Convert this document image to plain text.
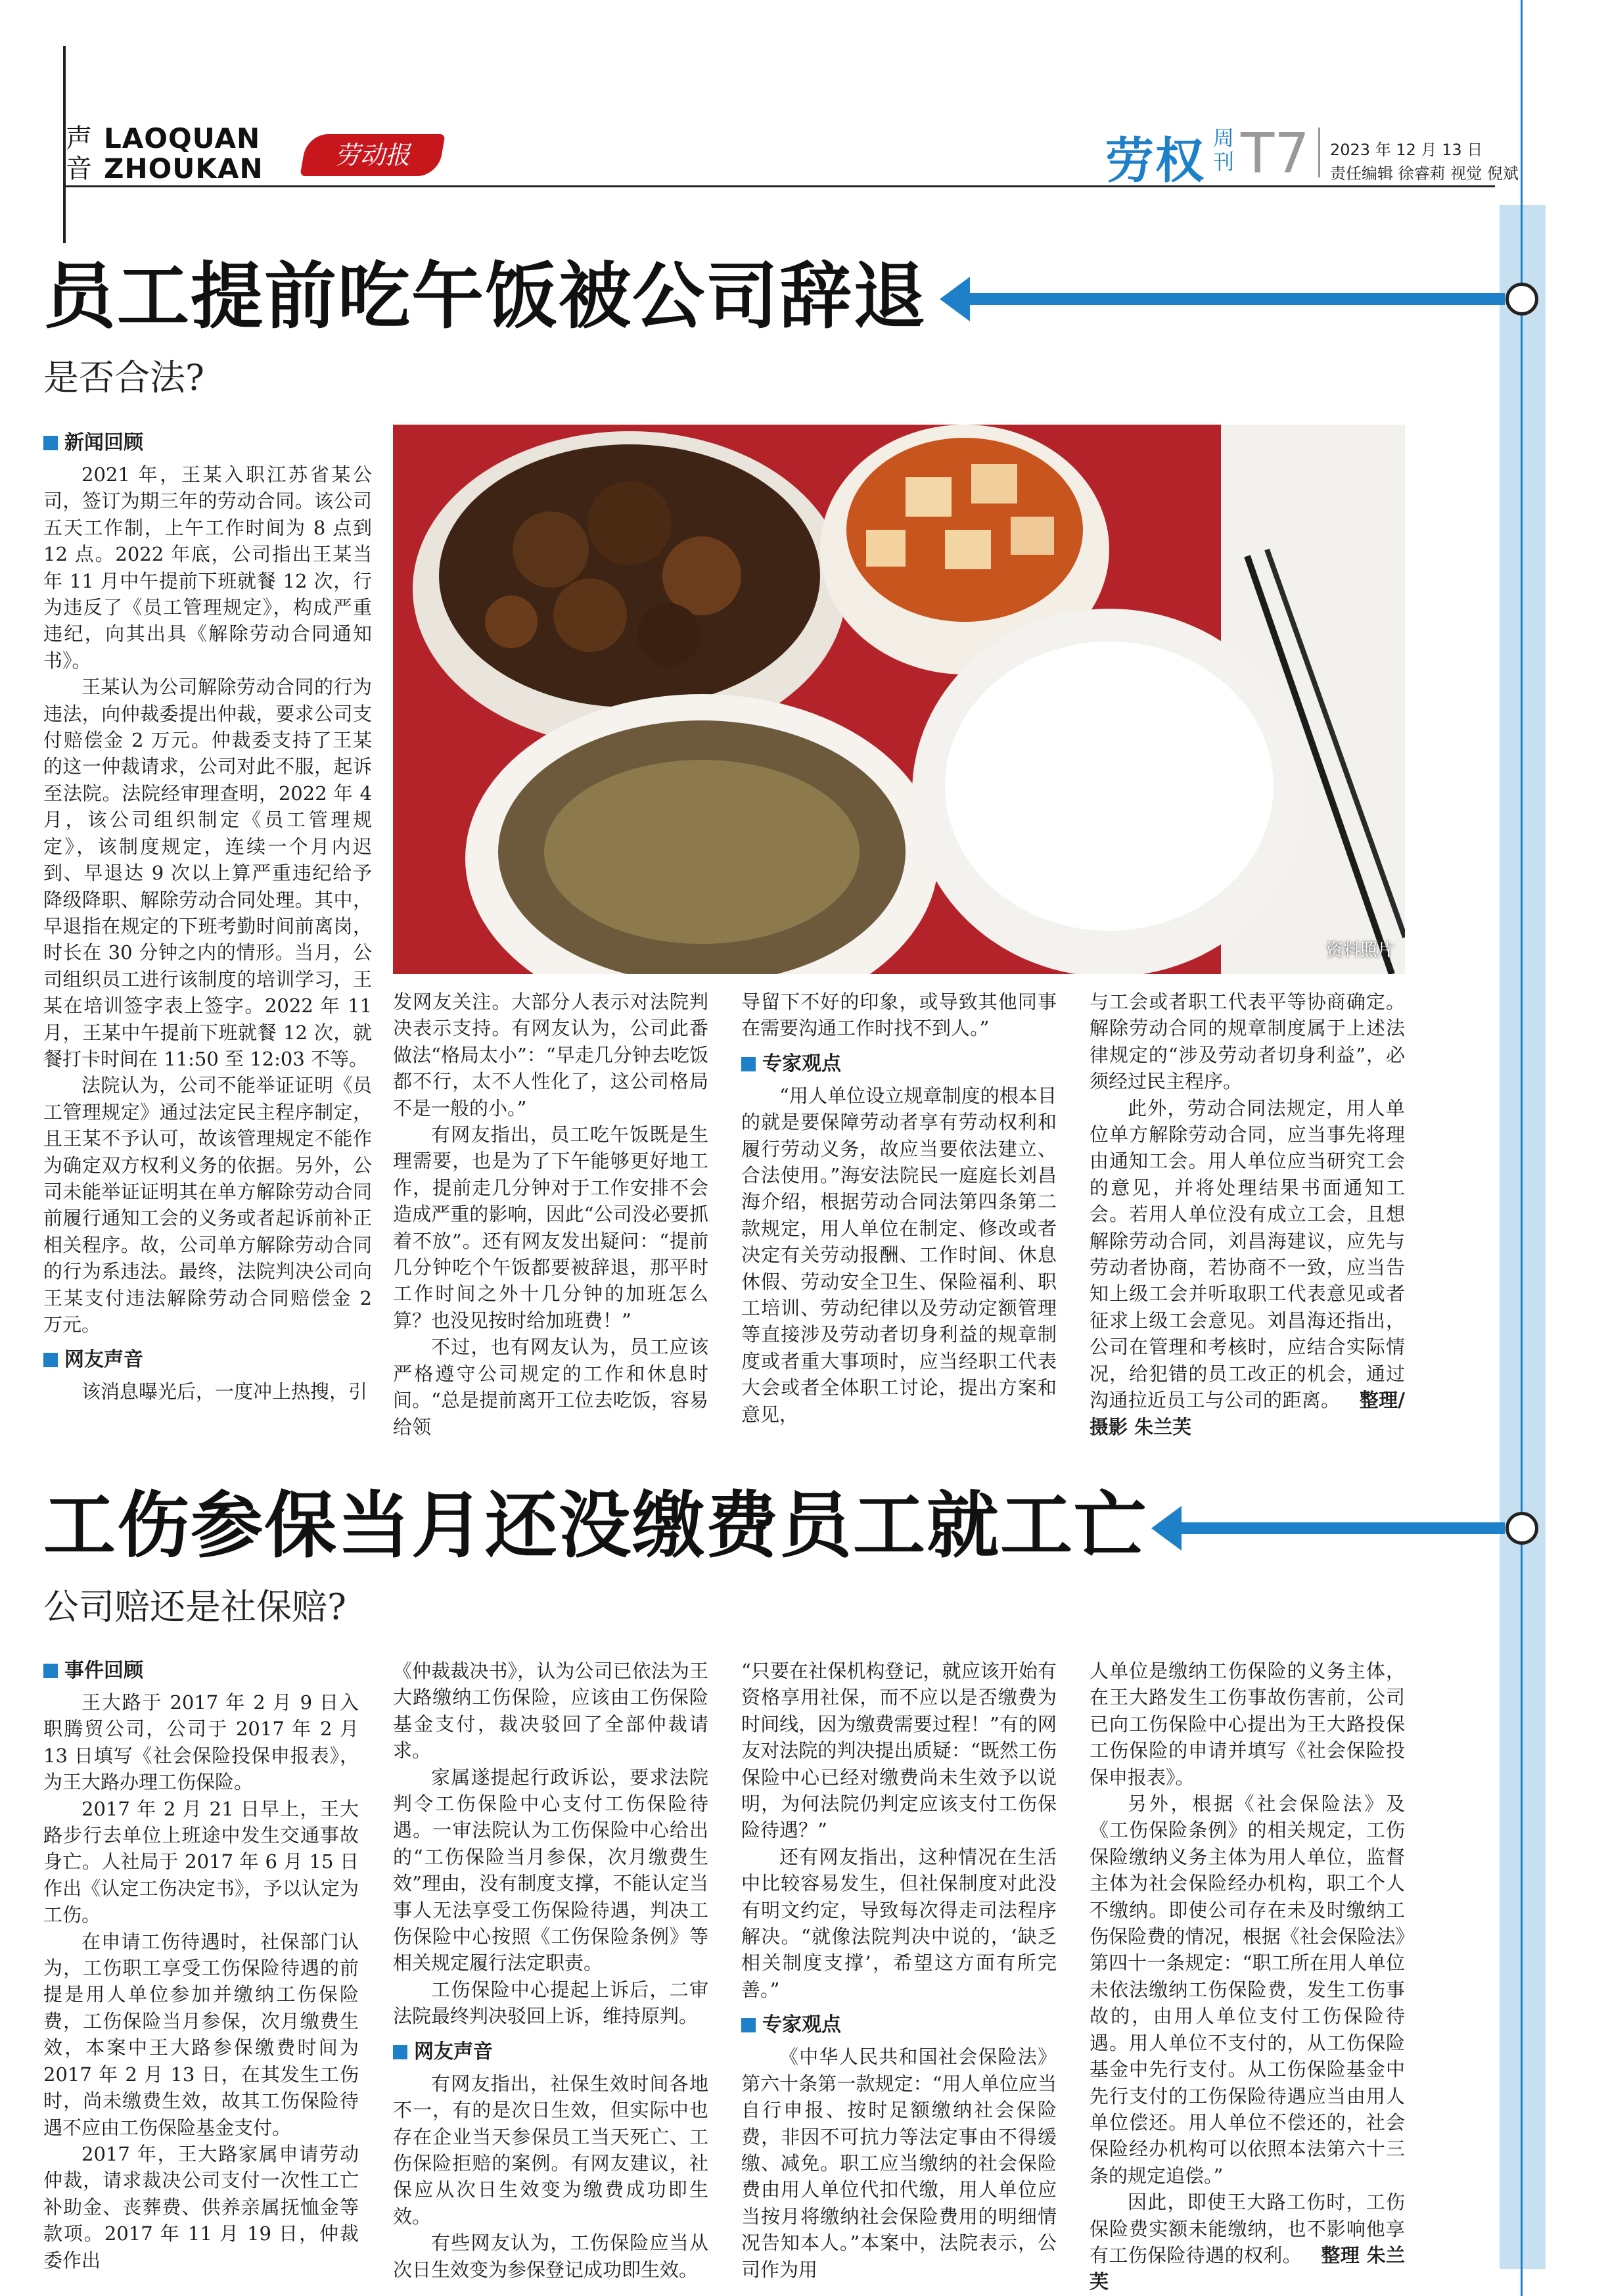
声音
LAOQUAN
ZHOUKAN	劳动报	劳权 周刊 T7 2023 年 12 月 13 日
责任编辑 徐睿莉 视觉 倪斌
员工提前吃午饭被公司辞退
是否合法?
资料照片
新闻回顾

2021 年，王某入职江苏省某公司，签订为期三年的劳动合同。该公司五天工作制，上午工作时间为 8 点到 12 点。2022 年底，公司指出王某当年 11 月中午提前下班就餐 12 次，行为违反了《员工管理规定》，构成严重违纪，向其出具《解除劳动合同通知书》。

王某认为公司解除劳动合同的行为违法，向仲裁委提出仲裁，要求公司支付赔偿金 2 万元。仲裁委支持了王某的这一仲裁请求，公司对此不服，起诉至法院。法院经审理查明，2022 年 4 月，该公司组织制定《员工管理规定》，该制度规定，连续一个月内迟到、早退达 9 次以上算严重违纪给予降级降职、解除劳动合同处理。其中，早退指在规定的下班考勤时间前离岗，时长在 30 分钟之内的情形。当月，公司组织员工进行该制度的培训学习，王某在培训签字表上签字。2022 年 11 月，王某中午提前下班就餐 12 次，就餐打卡时间在 11:50 至 12:03 不等。

法院认为，公司不能举证证明《员工管理规定》通过法定民主程序制定，且王某不予认可，故该管理规定不能作为确定双方权利义务的依据。另外，公司未能举证证明其在单方解除劳动合同前履行通知工会的义务或者起诉前补正相关程序。故，公司单方解除劳动合同的行为系违法。最终，法院判决公司向王某支付违法解除劳动合同赔偿金 2 万元。

网友声音

该消息曝光后，一度冲上热搜，引

发网友关注。大部分人表示对法院判决表示支持。有网友认为，公司此番做法“格局太小”：“早走几分钟去吃饭都不行，太不人性化了，这公司格局不是一般的小。”

有网友指出，员工吃午饭既是生理需要，也是为了下午能够更好地工作，提前走几分钟对于工作安排不会造成严重的影响，因此“公司没必要抓着不放”。还有网友发出疑问：“提前几分钟吃个午饭都要被辞退，那平时工作时间之外十几分钟的加班怎么算？也没见按时给加班费！”

不过，也有网友认为，员工应该严格遵守公司规定的工作和休息时间。“总是提前离开工位去吃饭，容易给领

导留下不好的印象，或导致其他同事在需要沟通工作时找不到人。”

专家观点

“用人单位设立规章制度的根本目的就是要保障劳动者享有劳动权利和履行劳动义务，故应当要依法建立、合法使用。”海安法院民一庭庭长刘昌海介绍，根据劳动合同法第四条第二款规定，用人单位在制定、修改或者决定有关劳动报酬、工作时间、休息休假、劳动安全卫生、保险福利、职工培训、劳动纪律以及劳动定额管理等直接涉及劳动者切身利益的规章制度或者重大事项时，应当经职工代表大会或者全体职工讨论，提出方案和意见，

与工会或者职工代表平等协商确定。解除劳动合同的规章制度属于上述法律规定的“涉及劳动者切身利益”，必须经过民主程序。

此外，劳动合同法规定，用人单位单方解除劳动合同，应当事先将理由通知工会。用人单位应当研究工会的意见，并将处理结果书面通知工会。若用人单位没有成立工会，且想解除劳动合同，刘昌海建议，应先与劳动者协商，若协商不一致，应当告知上级工会并听取职工代表意见或者征求上级工会意见。刘昌海还指出，公司在管理和考核时，应结合实际情况，给犯错的员工改正的机会，通过沟通拉近员工与公司的距离。  整理/摄影 朱兰芙

工伤参保当月还没缴费员工就工亡
公司赔还是社保赔?
事件回顾

王大路于 2017 年 2 月 9 日入职腾贸公司，公司于 2017 年 2 月 13 日填写《社会保险投保申报表》，为王大路办理工伤保险。

2017 年 2 月 21 日早上，王大路步行去单位上班途中发生交通事故身亡。人社局于 2017 年 6 月 15 日作出《认定工伤决定书》，予以认定为工伤。

在申请工伤待遇时，社保部门认为，工伤职工享受工伤保险待遇的前提是用人单位参加并缴纳工伤保险费，工伤保险当月参保，次月缴费生效，本案中王大路参保缴费时间为 2017 年 2 月 13 日，在其发生工伤时，尚未缴费生效，故其工伤保险待遇不应由工伤保险基金支付。

2017 年，王大路家属申请劳动仲裁，请求裁决公司支付一次性工亡补助金、丧葬费、供养亲属抚恤金等款项。2017 年 11 月 19 日，仲裁委作出

《仲裁裁决书》，认为公司已依法为王大路缴纳工伤保险，应该由工伤保险基金支付，裁决驳回了全部仲裁请求。

家属遂提起行政诉讼，要求法院判令工伤保险中心支付工伤保险待遇。一审法院认为工伤保险中心给出的“工伤保险当月参保，次月缴费生效”理由，没有制度支撑，不能认定当事人无法享受工伤保险待遇，判决工伤保险中心按照《工伤保险条例》等相关规定履行法定职责。

工伤保险中心提起上诉后，二审法院最终判决驳回上诉，维持原判。

网友声音

有网友指出，社保生效时间各地不一，有的是次日生效，但实际中也存在企业当天参保员工当天死亡、工伤保险拒赔的案例。有网友建议，社保应从次日生效变为缴费成功即生效。

有些网友认为，工伤保险应当从次日生效变为参保登记成功即生效。

“只要在社保机构登记，就应该开始有资格享用社保，而不应以是否缴费为时间线，因为缴费需要过程！”有的网友对法院的判决提出质疑：“既然工伤保险中心已经对缴费尚未生效予以说明，为何法院仍判定应该支付工伤保险待遇？”

还有网友指出，这种情况在生活中比较容易发生，但社保制度对此没有明文约定，导致每次得走司法程序解决。“就像法院判决中说的，‘缺乏相关制度支撑’，希望这方面有所完善。”

专家观点

《中华人民共和国社会保险法》第六十条第一款规定：“用人单位应当自行申报、按时足额缴纳社会保险费，非因不可抗力等法定事由不得缓缴、减免。职工应当缴纳的社会保险费由用人单位代扣代缴，用人单位应当按月将缴纳社会保险费用的明细情况告知本人。”本案中，法院表示，公司作为用

人单位是缴纳工伤保险的义务主体，在王大路发生工伤事故伤害前，公司已向工伤保险中心提出为王大路投保工伤保险的申请并填写《社会保险投保申报表》。

另外，根据《社会保险法》及《工伤保险条例》的相关规定，工伤保险缴纳义务主体为用人单位，监督主体为社会保险经办机构，职工个人不缴纳。即使公司存在未及时缴纳工伤保险费的情况，根据《社会保险法》第四十一条规定：“职工所在用人单位未依法缴纳工伤保险费，发生工伤事故的，由用人单位支付工伤保险待遇。用人单位不支付的，从工伤保险基金中先行支付。从工伤保险基金中先行支付的工伤保险待遇应当由用人单位偿还。用人单位不偿还的，社会保险经办机构可以依照本法第六十三条的规定追偿。”

因此，即使王大路工伤时，工伤保险费实额未能缴纳，也不影响他享有工伤保险待遇的权利。  整理 朱兰芙
